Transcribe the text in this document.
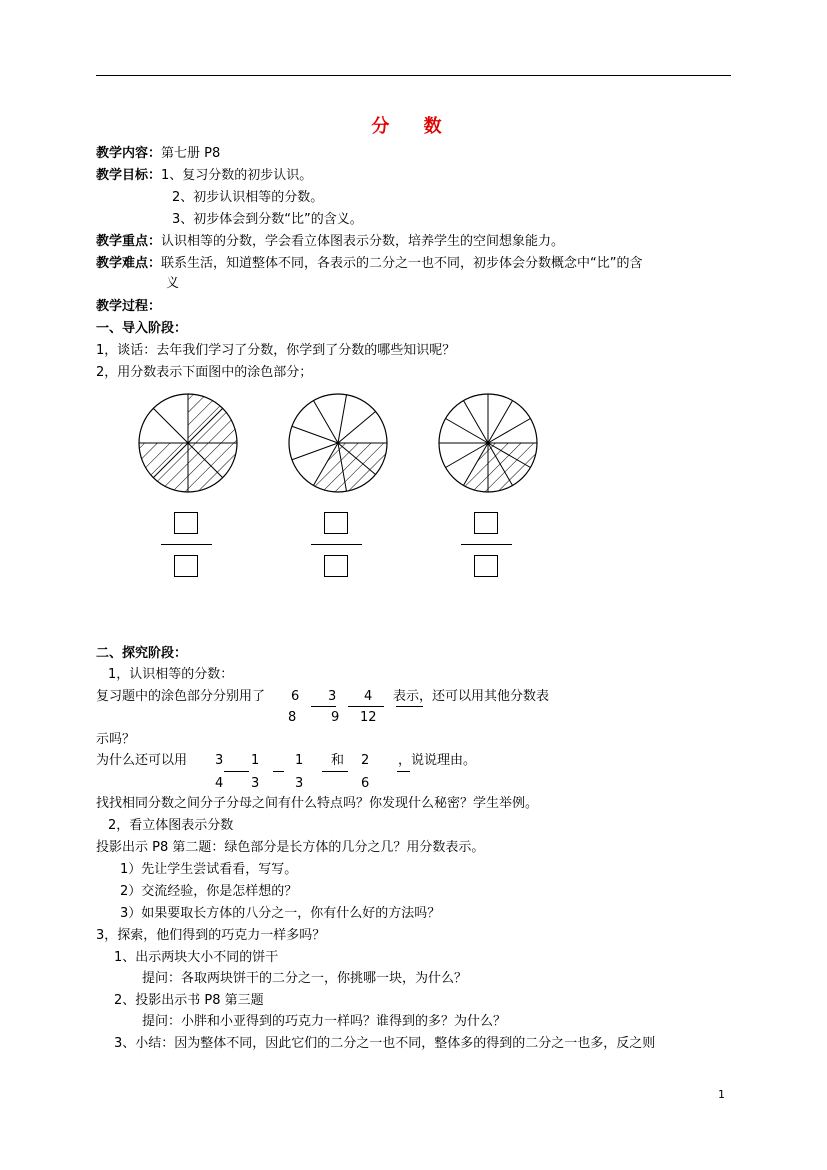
分 数
教学内容：第七册 P8
教学目标：1、复习分数的初步认识。
2、初步认识相等的分数。
3、初步体会到分数“比”的含义。
教学重点：认识相等的分数，学会看立体图表示分数，培养学生的空间想象能力。
教学难点：联系生活，知道整体不同，各表示的二分之一也不同，初步体会分数概念中“比”的含
义
教学过程：
一、导入阶段：
1，谈话：去年我们学习了分数，你学到了分数的哪些知识呢？
2，用分数表示下面图中的涂色部分；
二、探究阶段：
1，认识相等的分数：
复习题中的涂色部分分别用了 6
8
3
9
4
12
表示，还可以用其他分数表
示吗？
为什么还可以用 3
4
1
3
1
3
和 2
6
，说说理由。
找找相同分数之间分子分母之间有什么特点吗？你发现什么秘密？学生举例。
2，看立体图表示分数
投影出示 P8 第二题：绿色部分是长方体的几分之几？用分数表示。
1）先让学生尝试看看，写写。
2）交流经验，你是怎样想的？
3）如果要取长方体的八分之一，你有什么好的方法吗？
3，探索，他们得到的巧克力一样多吗？
1、出示两块大小不同的饼干
提问：各取两块饼干的二分之一，你挑哪一块，为什么？
2、投影出示书 P8 第三题
提问：小胖和小亚得到的巧克力一样吗？谁得到的多？为什么？
3、小结：因为整体不同，因此它们的二分之一也不同，整体多的得到的二分之一也多，反之则
1
